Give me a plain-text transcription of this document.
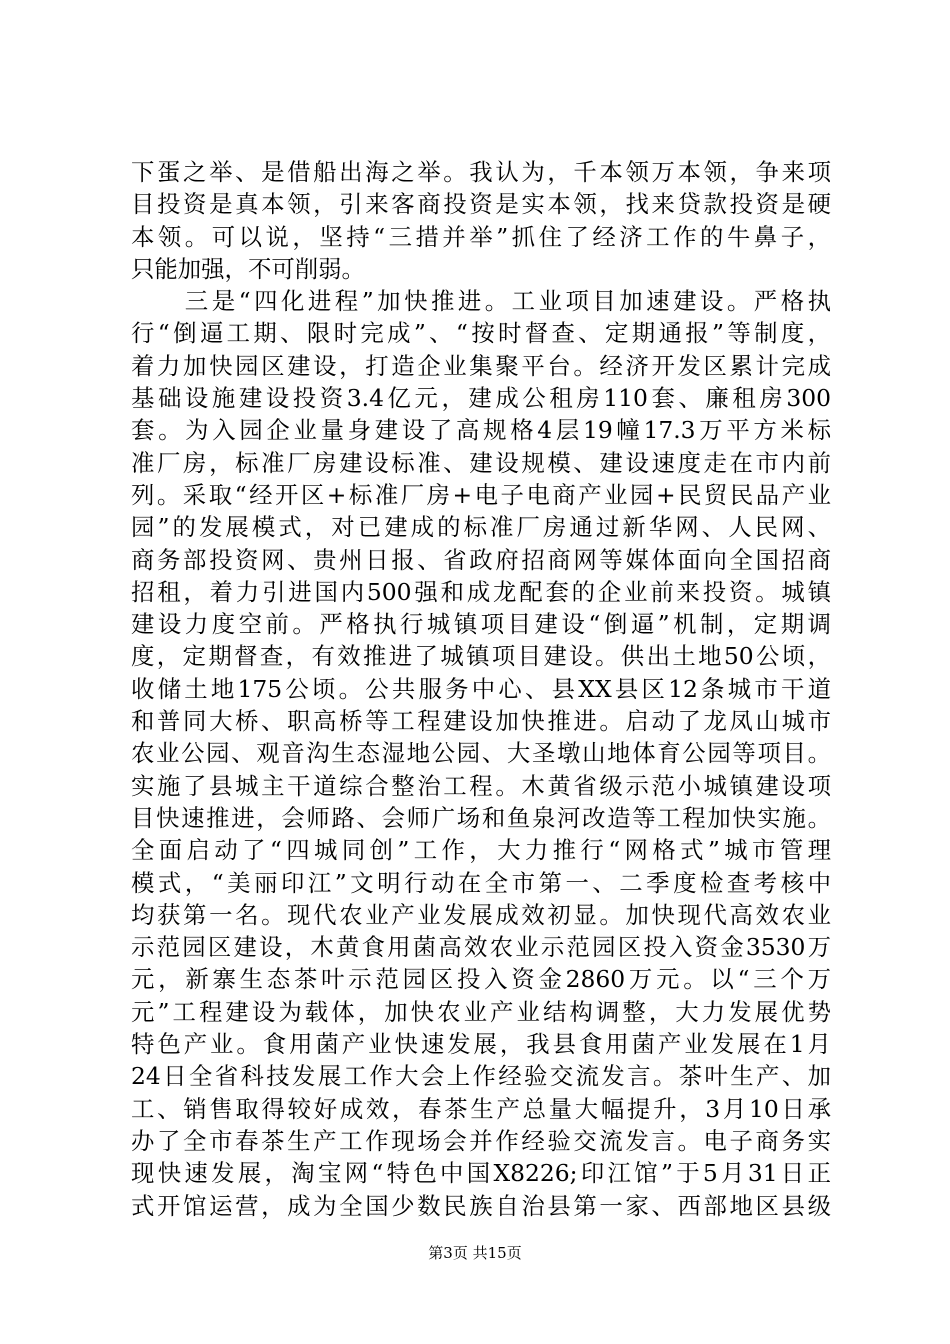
下蛋之举、是借船出海之举。我认为，千本领万本领，争来项
目投资是真本领，引来客商投资是实本领，找来贷款投资是硬
本领。可以说，坚持“三措并举”抓住了经济工作的牛鼻子，
只能加强，不可削弱。
　　三是“四化进程”加快推进。工业项目加速建设。严格执
行“倒逼工期、限时完成”、“按时督查、定期通报”等制度，
着力加快园区建设，打造企业集聚平台。经济开发区累计完成
基础设施建设投资3.4亿元，建成公租房110套、廉租房300
套。为入园企业量身建设了高规格4层19幢17.3万平方米标
准厂房，标准厂房建设标准、建设规模、建设速度走在市内前
列。采取“经开区+标准厂房+电子电商产业园+民贸民品产业
园”的发展模式，对已建成的标准厂房通过新华网、人民网、
商务部投资网、贵州日报、省政府招商网等媒体面向全国招商
招租，着力引进国内500强和成龙配套的企业前来投资。城镇
建设力度空前。严格执行城镇项目建设“倒逼”机制，定期调
度，定期督查，有效推进了城镇项目建设。供出土地50公顷，
收储土地175公顷。公共服务中心、县XX县区12条城市干道
和普同大桥、职高桥等工程建设加快推进。启动了龙凤山城市
农业公园、观音沟生态湿地公园、大圣墩山地体育公园等项目。
实施了县城主干道综合整治工程。木黄省级示范小城镇建设项
目快速推进，会师路、会师广场和鱼泉河改造等工程加快实施。
全面启动了“四城同创”工作，大力推行“网格式”城市管理
模式，“美丽印江”文明行动在全市第一、二季度检查考核中
均获第一名。现代农业产业发展成效初显。加快现代高效农业
示范园区建设，木黄食用菌高效农业示范园区投入资金3530万
元，新寨生态茶叶示范园区投入资金2860万元。以“三个万
元”工程建设为载体，加快农业产业结构调整，大力发展优势
特色产业。食用菌产业快速发展，我县食用菌产业发展在1月
24日全省科技发展工作大会上作经验交流发言。茶叶生产、加
工、销售取得较好成效，春茶生产总量大幅提升，3月10日承
办了全市春茶生产工作现场会并作经验交流发言。电子商务实
现快速发展，淘宝网“特色中国X8226;印江馆”于5月31日正
式开馆运营，成为全国少数民族自治县第一家、西部地区县级
第3页 共15页
